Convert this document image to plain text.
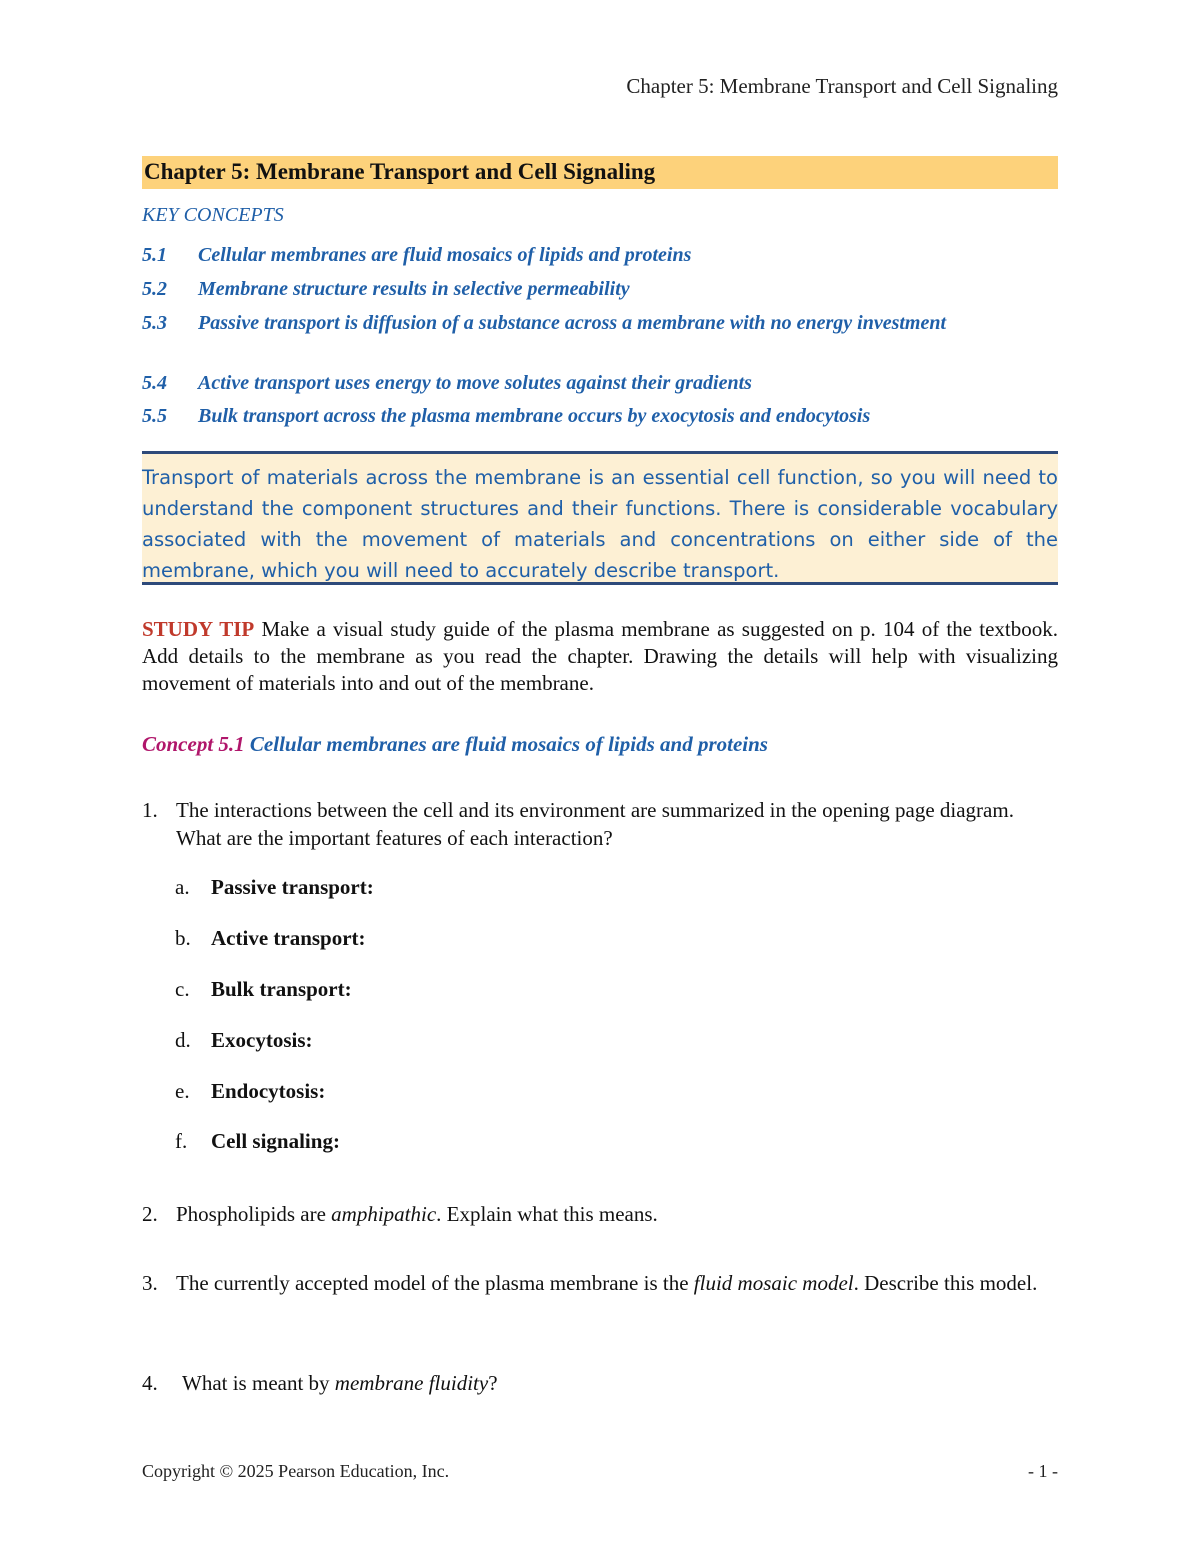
Chapter 5: Membrane Transport and Cell Signaling
Chapter 5: Membrane Transport and Cell Signaling
KEY CONCEPTS
5.1 Cellular membranes are fluid mosaics of lipids and proteins
5.2 Membrane structure results in selective permeability
5.3 Passive transport is diffusion of a substance across a membrane with no energy investment
5.4 Active transport uses energy to move solutes against their gradients
5.5 Bulk transport across the plasma membrane occurs by exocytosis and endocytosis
Transport of materials across the membrane is an essential cell function, so you will need to understand the component structures and their functions. There is considerable vocabulary associated with the movement of materials and concentrations on either side of the membrane, which you will need to accurately describe transport.
STUDY TIP Make a visual study guide of the plasma membrane as suggested on p. 104 of the textbook. Add details to the membrane as you read the chapter. Drawing the details will help with visualizing movement of materials into and out of the membrane.
Concept 5.1 Cellular membranes are fluid mosaics of lipids and proteins
1. The interactions between the cell and its environment are summarized in the opening page diagram. What are the important features of each interaction?
a. Passive transport:
b. Active transport:
c. Bulk transport:
d. Exocytosis:
e. Endocytosis:
f. Cell signaling:
2. Phospholipids are amphipathic. Explain what this means.
3. The currently accepted model of the plasma membrane is the fluid mosaic model. Describe this model.
4. What is meant by membrane fluidity?
Copyright © 2025 Pearson Education, Inc.	- 1 -
